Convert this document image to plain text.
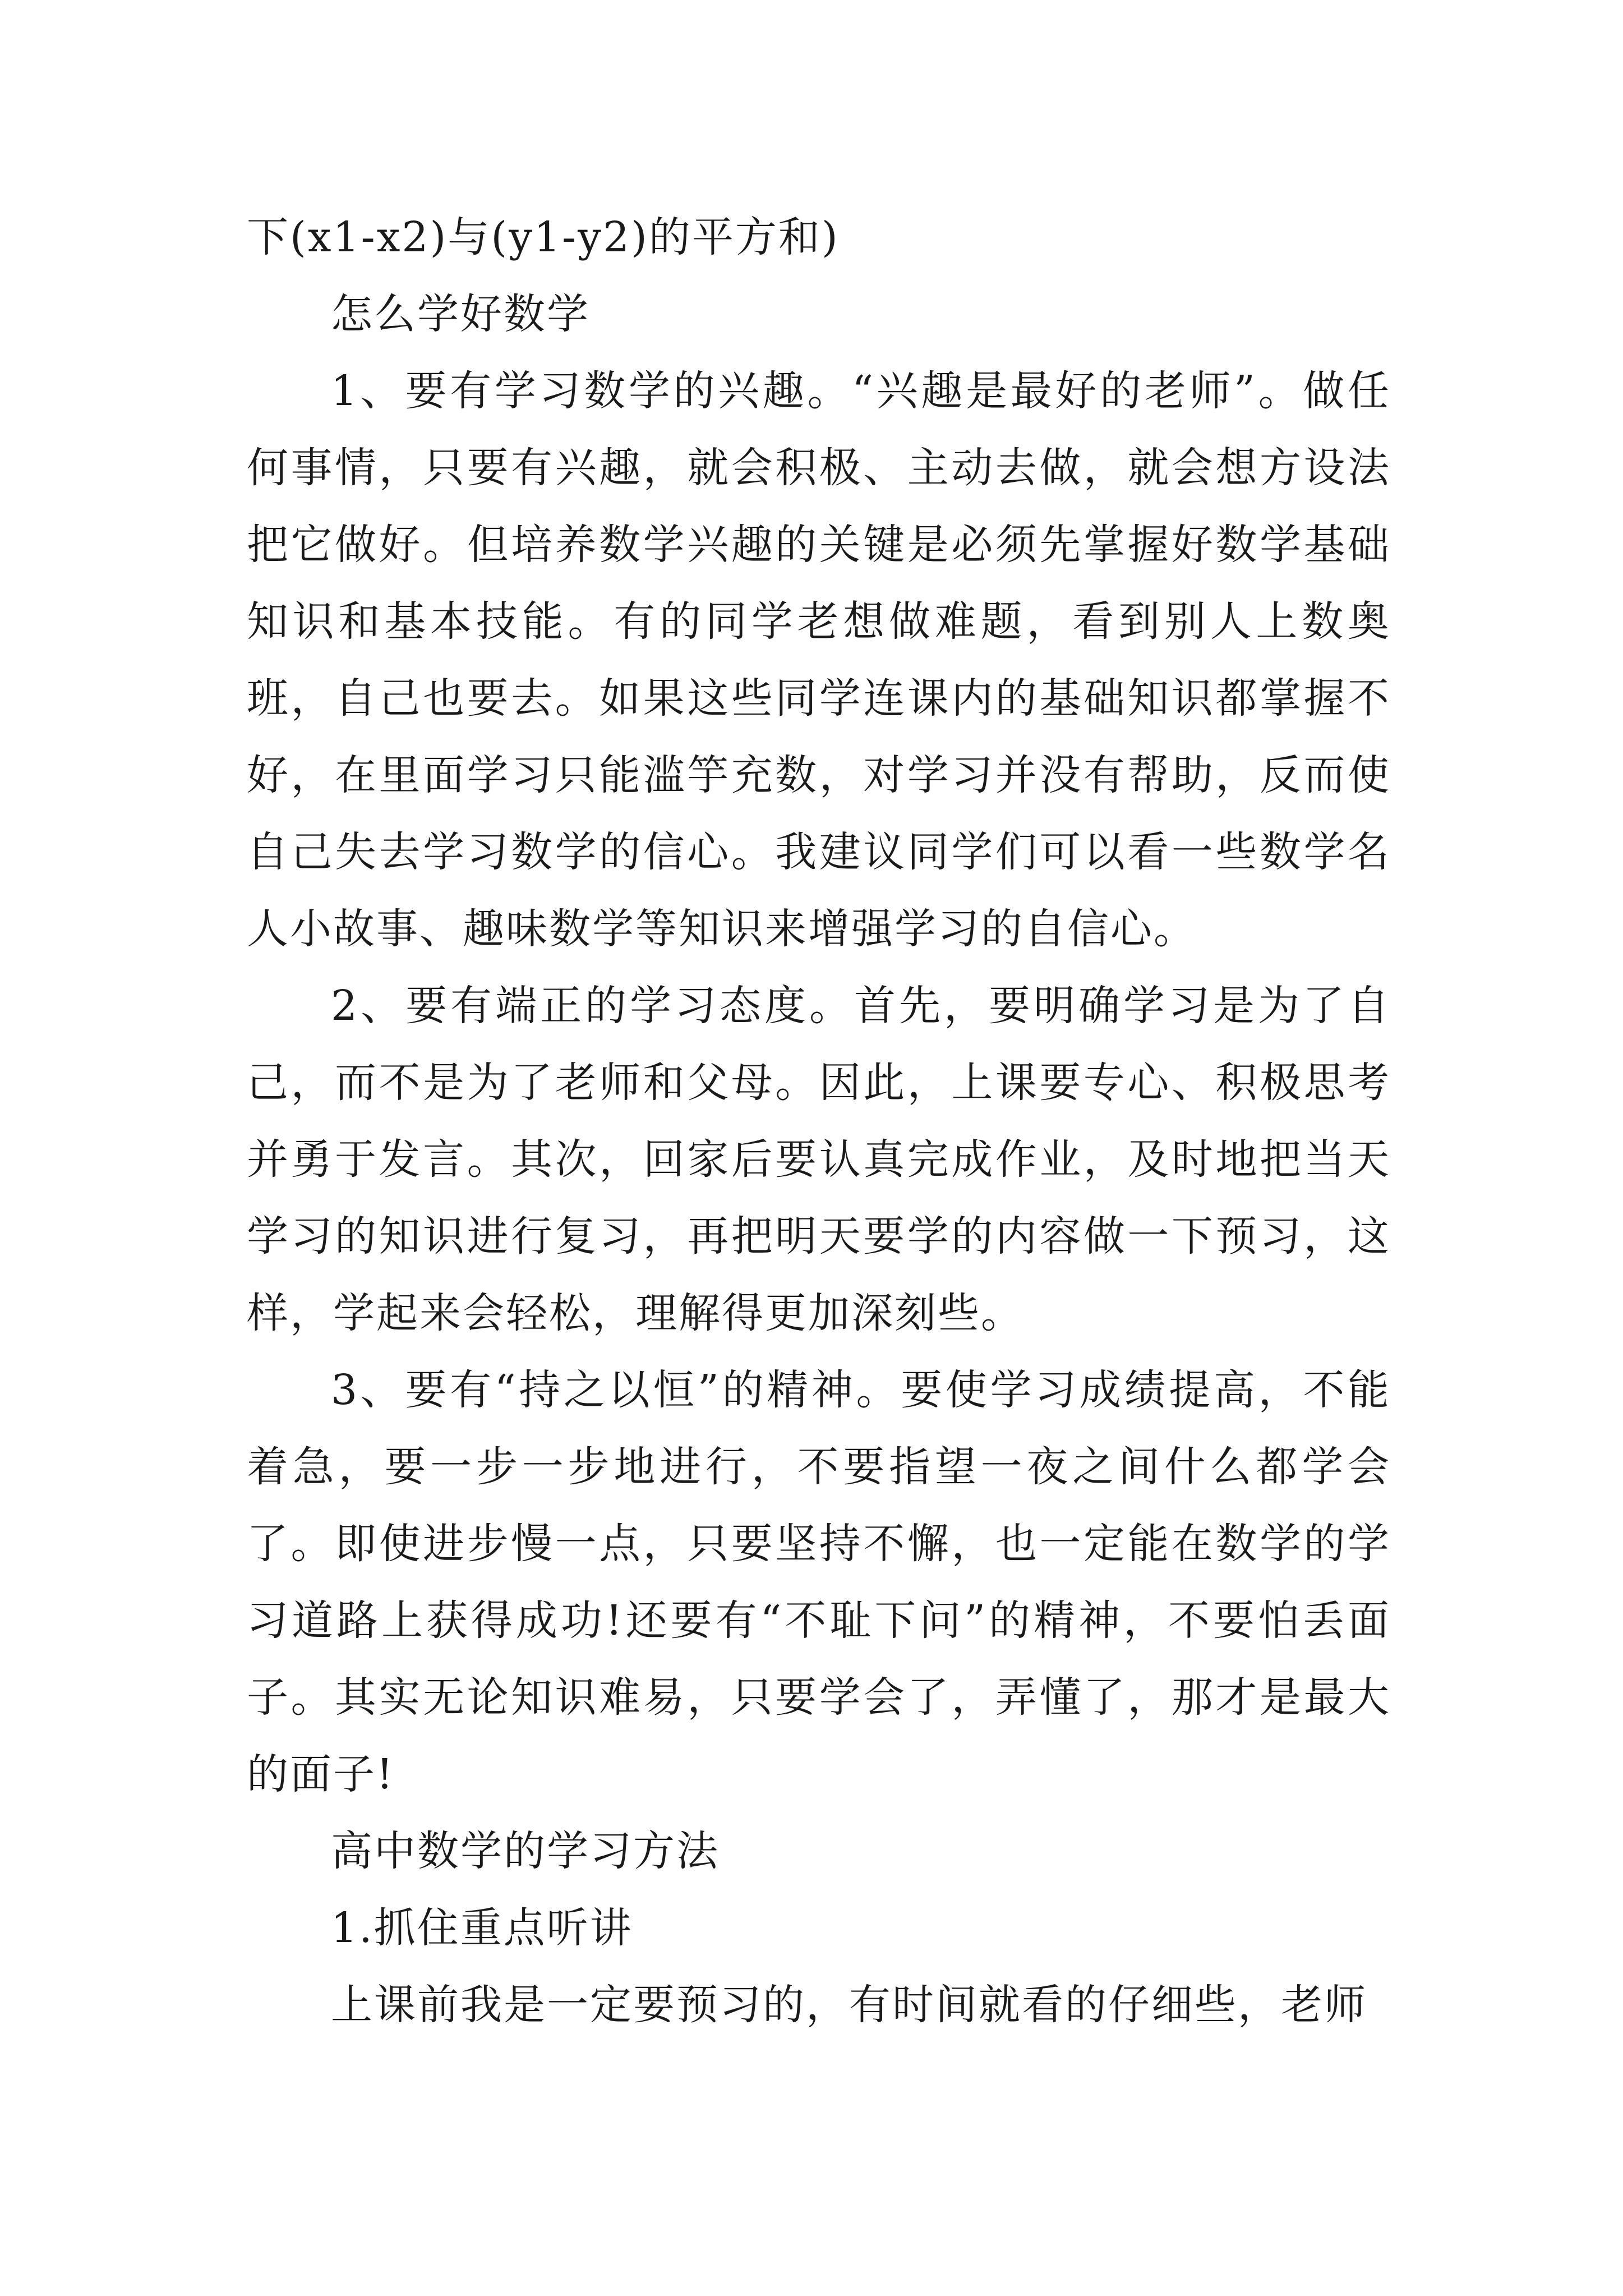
下(x1-x2)与(y1-y2)的平方和)

怎么学好数学

1、要有学习数学的兴趣。“兴趣是最好的老师”。做任何事情，只要有兴趣，就会积极、主动去做，就会想方设法把它做好。但培养数学兴趣的关键是必须先掌握好数学基础知识和基本技能。有的同学老想做难题，看到别人上数奥班，自己也要去。如果这些同学连课内的基础知识都掌握不好，在里面学习只能滥竽充数，对学习并没有帮助，反而使自己失去学习数学的信心。我建议同学们可以看一些数学名人小故事、趣味数学等知识来增强学习的自信心。

2、要有端正的学习态度。首先，要明确学习是为了自己，而不是为了老师和父母。因此，上课要专心、积极思考并勇于发言。其次，回家后要认真完成作业，及时地把当天学习的知识进行复习，再把明天要学的内容做一下预习，这样，学起来会轻松，理解得更加深刻些。

3、要有“持之以恒”的精神。要使学习成绩提高，不能着急，要一步一步地进行，不要指望一夜之间什么都学会了。即使进步慢一点，只要坚持不懈，也一定能在数学的学习道路上获得成功!还要有“不耻下问”的精神，不要怕丢面子。其实无论知识难易，只要学会了，弄懂了，那才是最大的面子!

高中数学的学习方法

1.抓住重点听讲

上课前我是一定要预习的，有时间就看的仔细些，老师
